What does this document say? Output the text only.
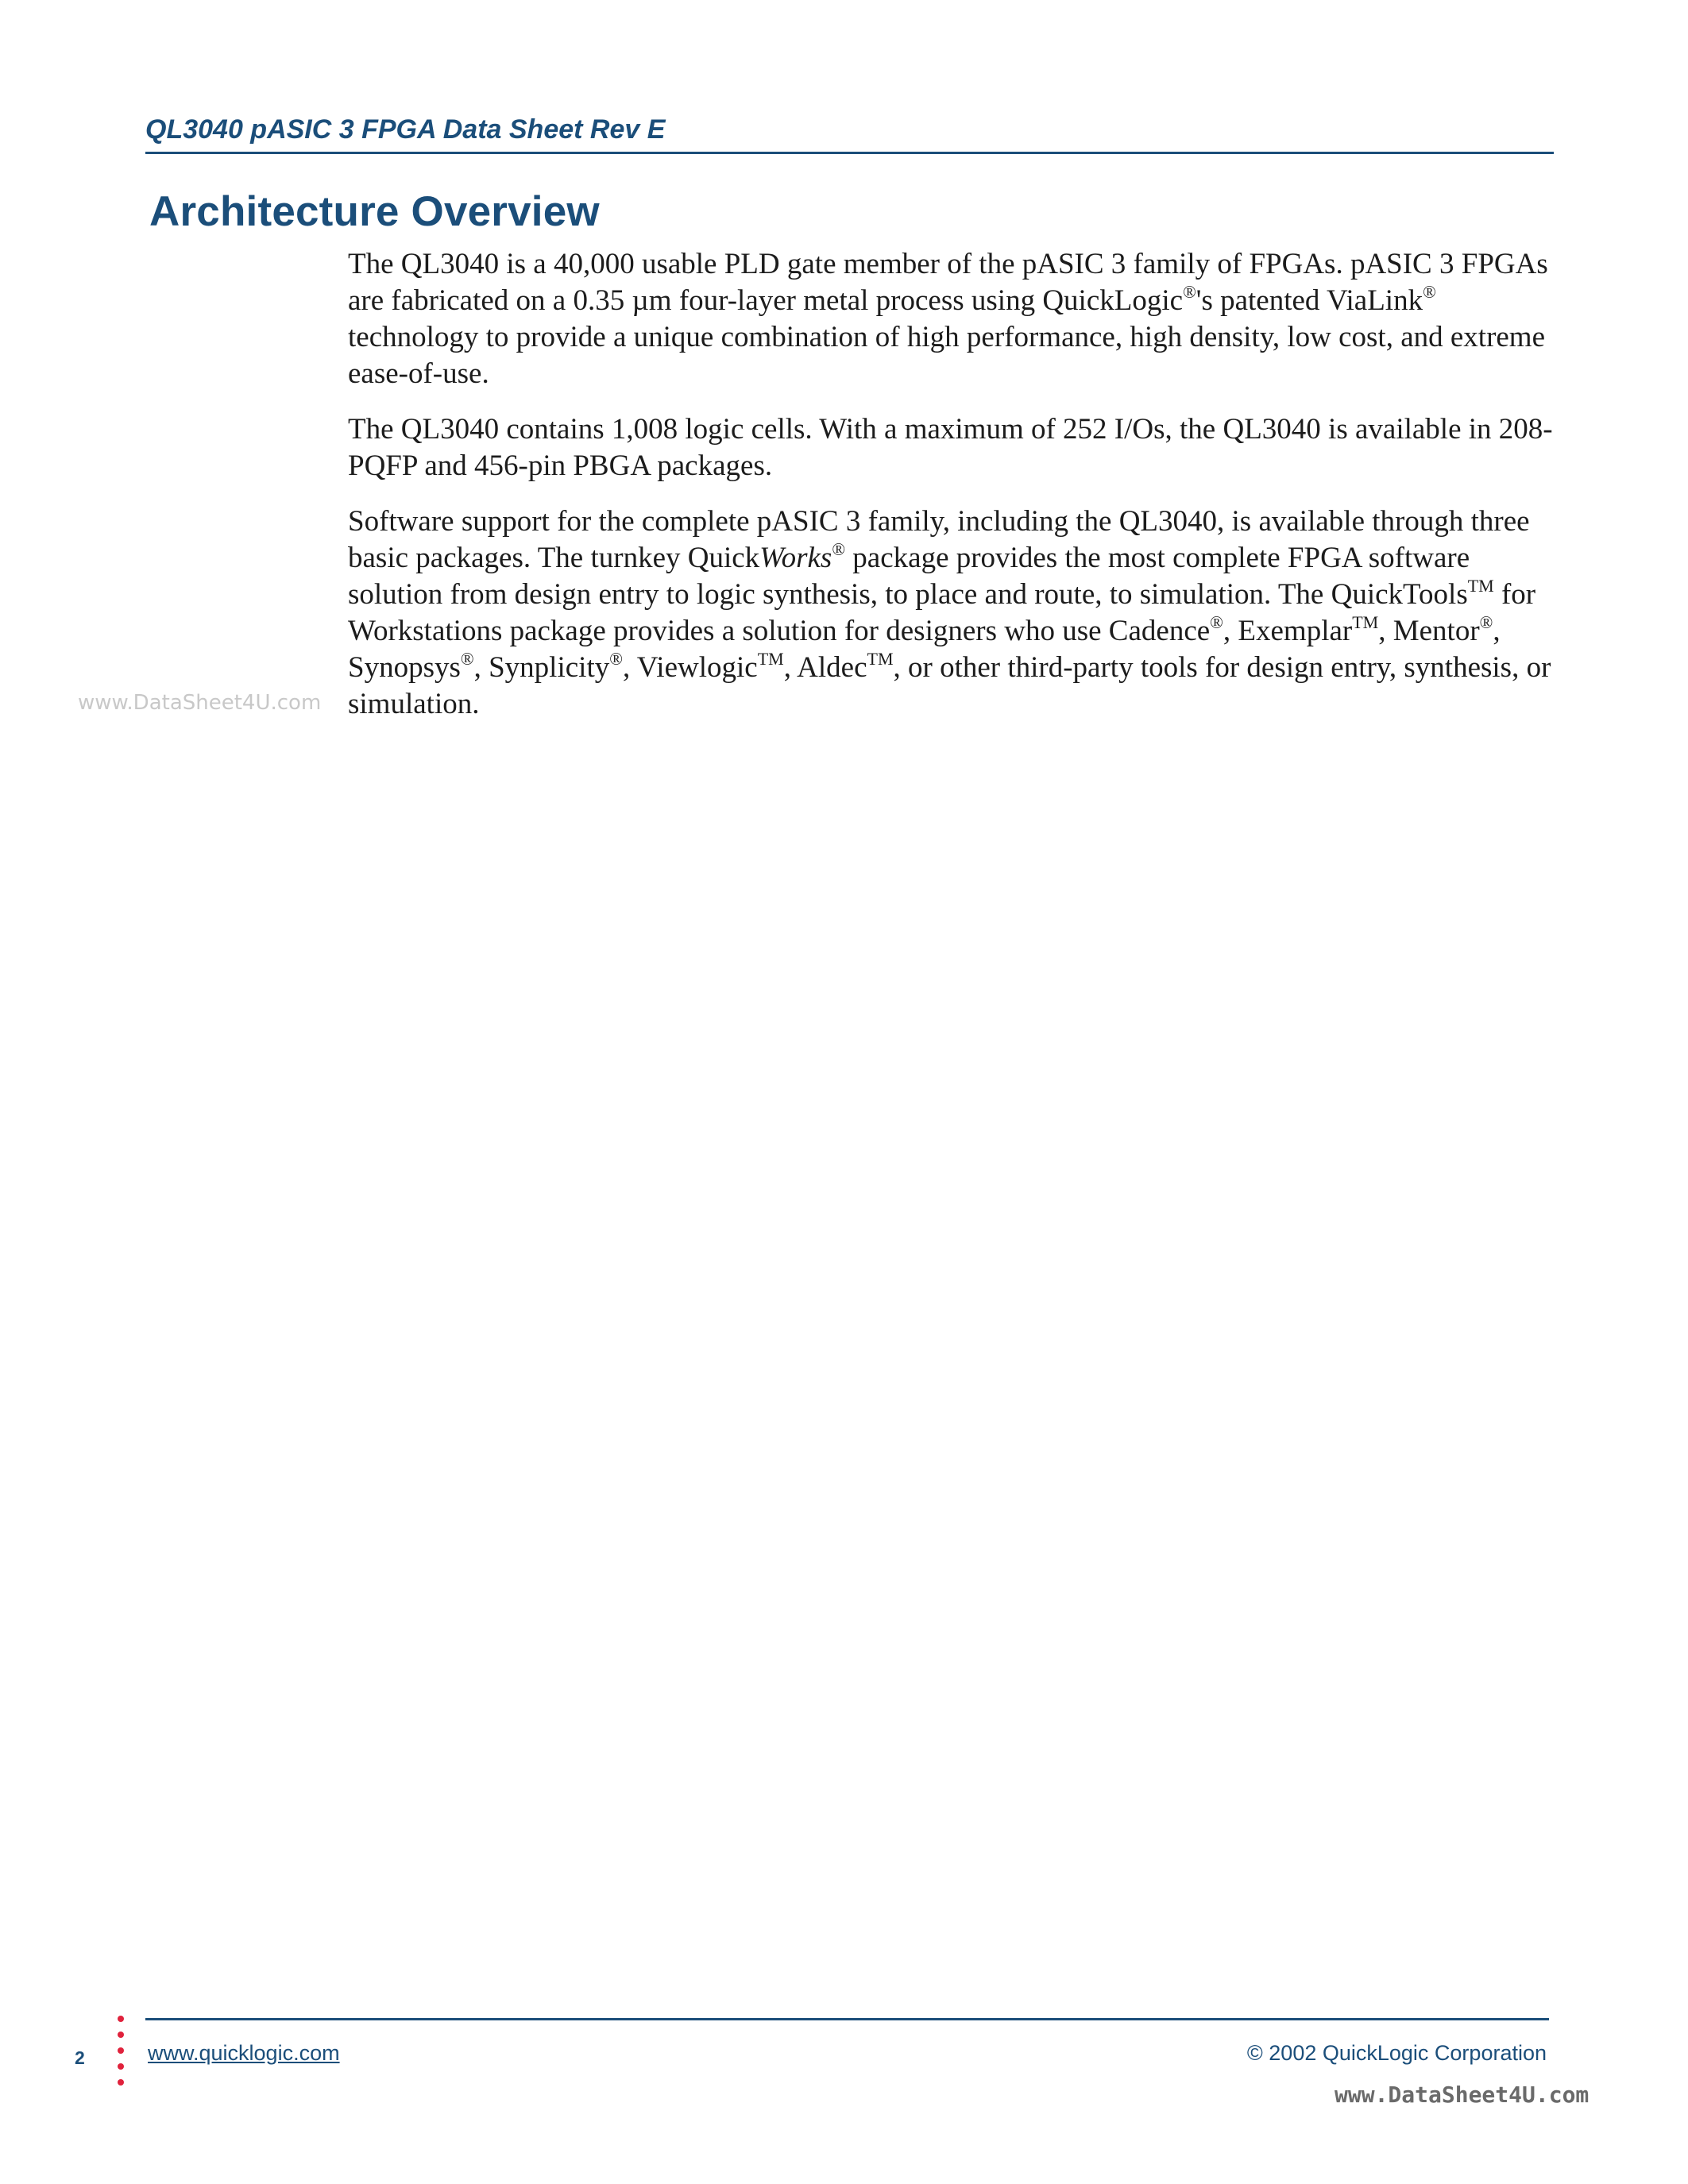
QL3040 pASIC 3 FPGA Data Sheet Rev E
Architecture Overview

The QL3040 is a 40,000 usable PLD gate member of the pASIC 3 family of FPGAs. pASIC 3 FPGAs are fabricated on a 0.35 µm four-layer metal process using QuickLogic®'s patented ViaLink® technology to provide a unique combination of high performance, high density, low cost, and extreme ease-of-use.

The QL3040 contains 1,008 logic cells. With a maximum of 252 I/Os, the QL3040 is available in 208-PQFP and 456-pin PBGA packages.

Software support for the complete pASIC 3 family, including the QL3040, is available through three basic packages. The turnkey QuickWorks® package provides the most complete FPGA software solution from design entry to logic synthesis, to place and route, to simulation. The QuickTools™ for Workstations package provides a solution for designers who use Cadence®, Exemplar™, Mentor®, Synopsys®, Synplicity®, Viewlogic™, Aldec™, or other third-party tools for design entry, synthesis, or simulation.

www.DataSheet4U.com
2	www.quicklogic.com	© 2002 QuickLogic Corporation
www.DataSheet4U.com
